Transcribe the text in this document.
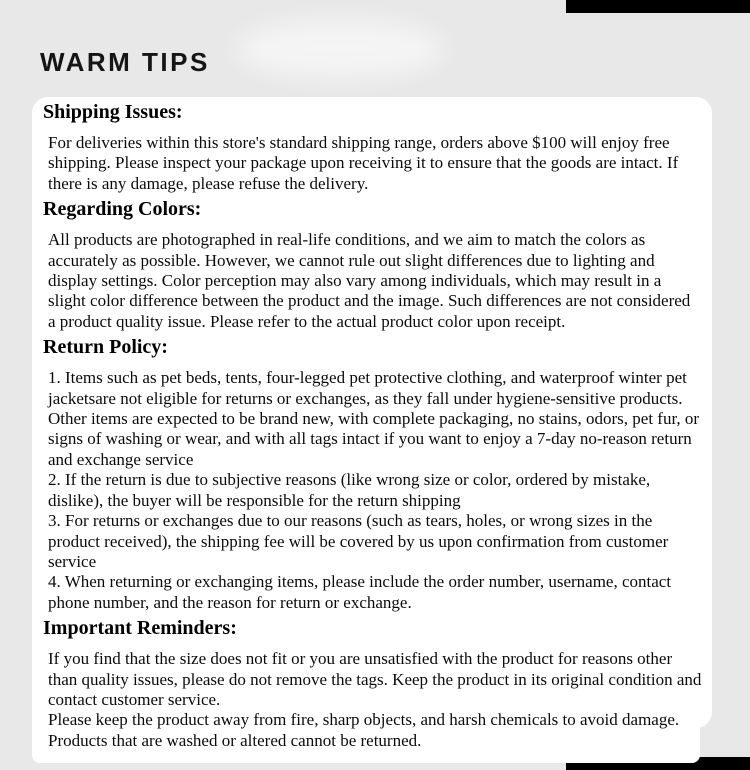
WARM TIPS
Shipping Issues:

For deliveries within this store's standard shipping range, orders above $100 will enjoy free shipping. Please inspect your package upon receiving it to ensure that the goods are intact. If there is any damage, please refuse the delivery.

Regarding Colors:

All products are photographed in real-life conditions, and we aim to match the colors as accurately as possible. However, we cannot rule out slight differences due to lighting and display settings. Color perception may also vary among individuals, which may result in a slight color difference between the product and the image. Such differences are not considered a product quality issue. Please refer to the actual product color upon receipt.

Return Policy:

1. Items such as pet beds, tents, four-legged pet protective clothing, and waterproof winter pet jacketsare not eligible for returns or exchanges, as they fall under hygiene-sensitive products. Other items are expected to be brand new, with complete packaging, no stains, odors, pet fur, or signs of washing or wear, and with all tags intact if you want to enjoy a 7-day no-reason return and exchange service

2. If the return is due to subjective reasons (like wrong size or color, ordered by mistake, dislike), the buyer will be responsible for the return shipping

3. For returns or exchanges due to our reasons (such as tears, holes, or wrong sizes in the product received), the shipping fee will be covered by us upon confirmation from customer service

4. When returning or exchanging items, please include the order number, username, contact phone number, and the reason for return or exchange.

Important Reminders:

If you find that the size does not fit or you are unsatisfied with the product for reasons other than quality issues, please do not remove the tags. Keep the product in its original condition and contact customer service.

Please keep the product away from fire, sharp objects, and harsh chemicals to avoid damage. Products that are washed or altered cannot be returned.
